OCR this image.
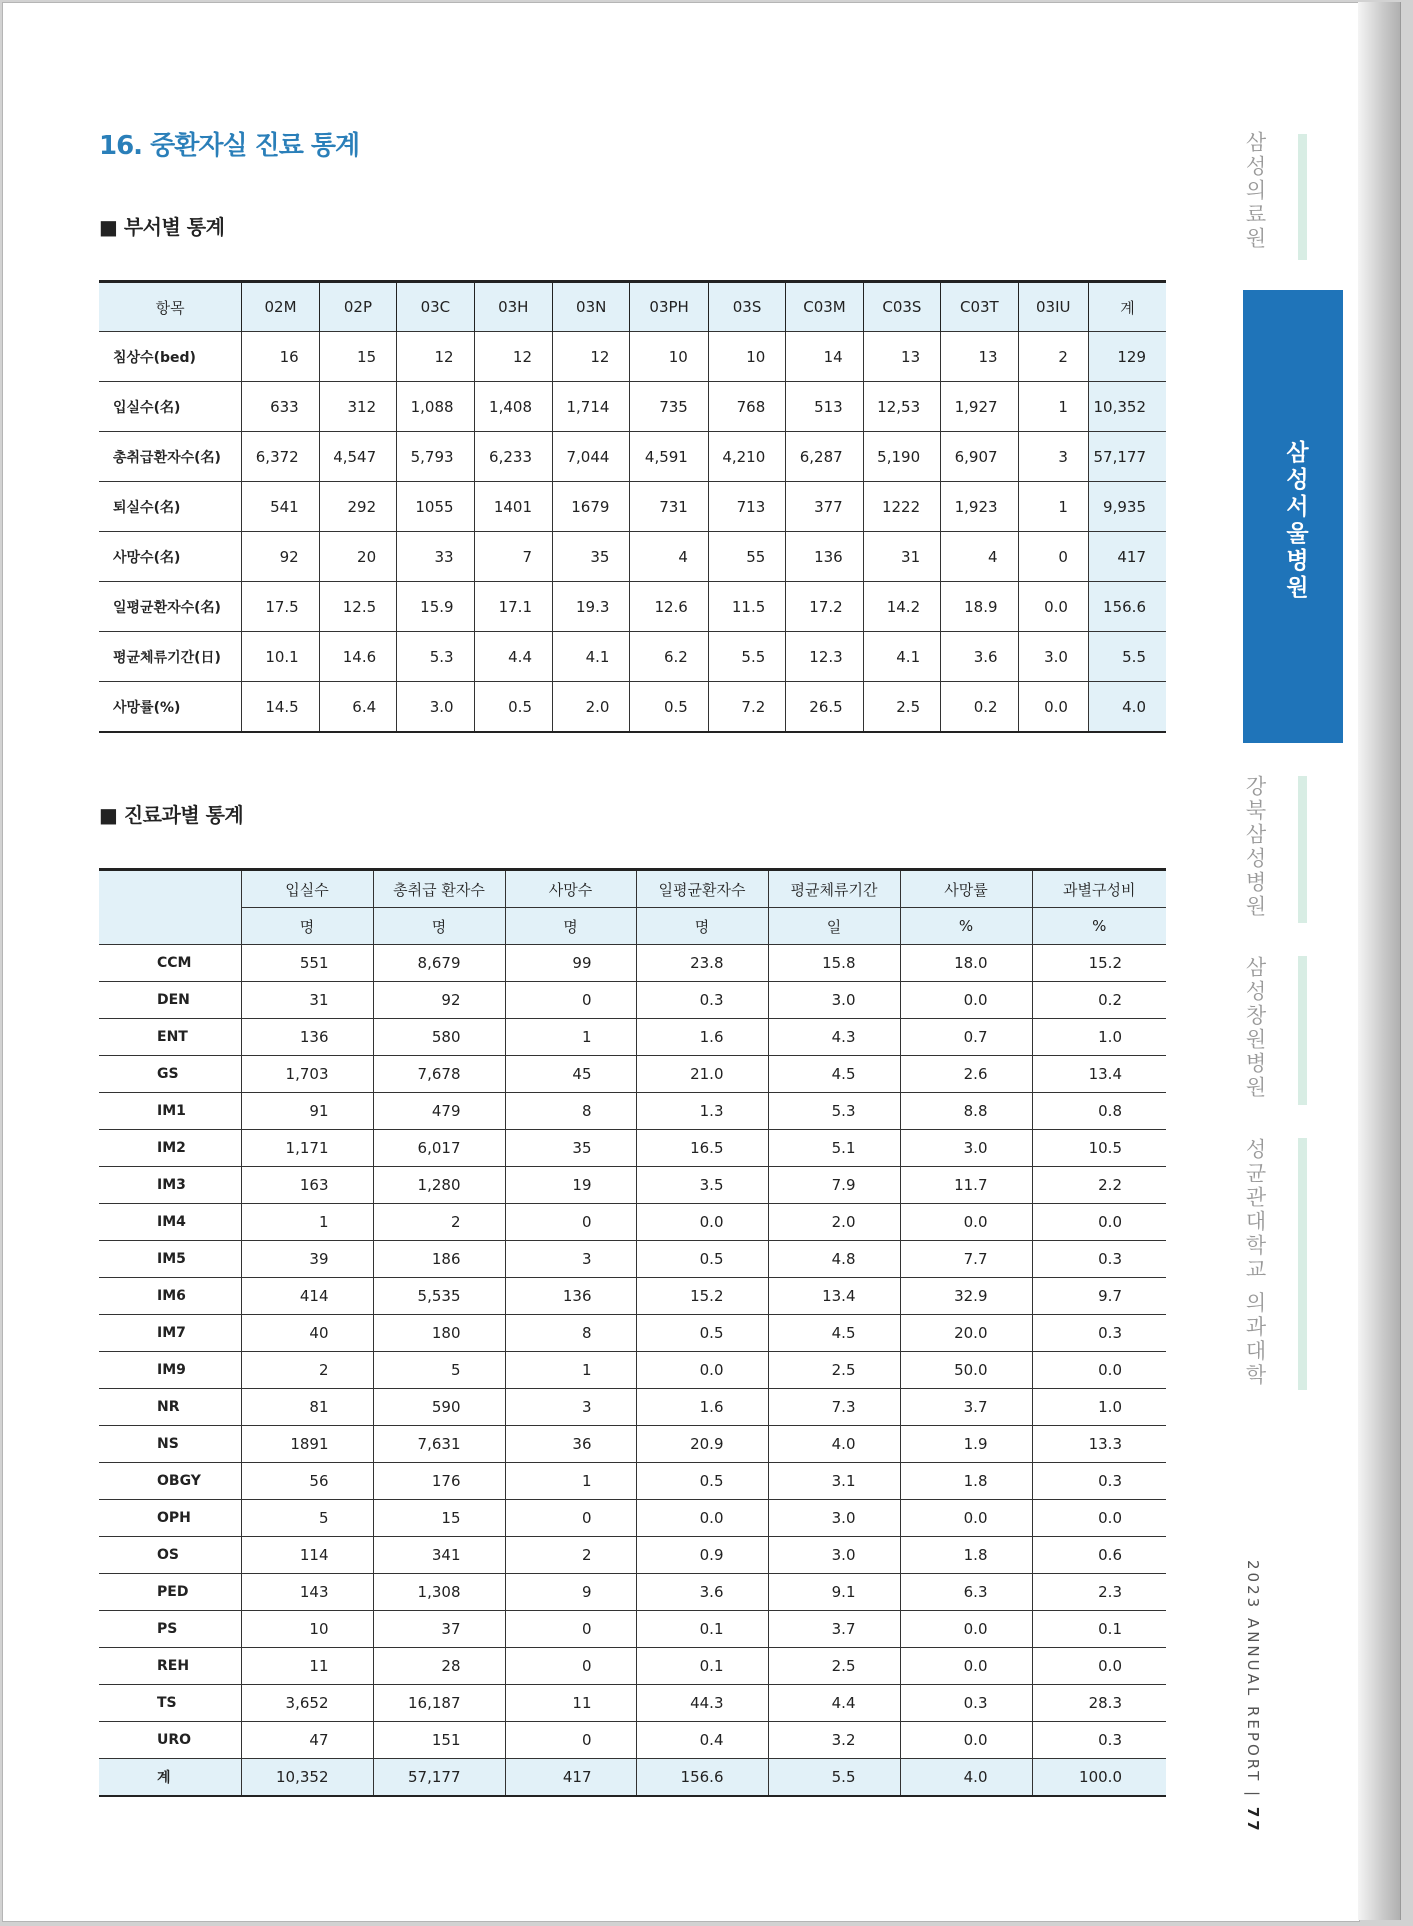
16. 중환자실 진료 통계
■ 부서별 통계
항목	02M	02P	03C	03H	03N	03PH	03S	C03M	C03S	C03T	03IU	계
침상수(bed)	16	15	12	12	12	10	10	14	13	13	2	129
입실수(名)	633	312	1,088	1,408	1,714	735	768	513	12,53	1,927	1	10,352
총취급환자수(名)	6,372	4,547	5,793	6,233	7,044	4,591	4,210	6,287	5,190	6,907	3	57,177
퇴실수(名)	541	292	1055	1401	1679	731	713	377	1222	1,923	1	9,935
사망수(名)	92	20	33	7	35	4	55	136	31	4	0	417
일평균환자수(名)	17.5	12.5	15.9	17.1	19.3	12.6	11.5	17.2	14.2	18.9	0.0	156.6
평균체류기간(日)	10.1	14.6	5.3	4.4	4.1	6.2	5.5	12.3	4.1	3.6	3.0	5.5
사망률(%)	14.5	6.4	3.0	0.5	2.0	0.5	7.2	26.5	2.5	0.2	0.0	4.0
■ 진료과별 통계
	입실수	총취급 환자수	사망수	일평균환자수	평균체류기간	사망률	과별구성비
	명	명	명	명	일	%	%
CCM	551	8,679	99	23.8	15.8	18.0	15.2
DEN	31	92	0	0.3	3.0	0.0	0.2
ENT	136	580	1	1.6	4.3	0.7	1.0
GS	1,703	7,678	45	21.0	4.5	2.6	13.4
IM1	91	479	8	1.3	5.3	8.8	0.8
IM2	1,171	6,017	35	16.5	5.1	3.0	10.5
IM3	163	1,280	19	3.5	7.9	11.7	2.2
IM4	1	2	0	0.0	2.0	0.0	0.0
IM5	39	186	3	0.5	4.8	7.7	0.3
IM6	414	5,535	136	15.2	13.4	32.9	9.7
IM7	40	180	8	0.5	4.5	20.0	0.3
IM9	2	5	1	0.0	2.5	50.0	0.0
NR	81	590	3	1.6	7.3	3.7	1.0
NS	1891	7,631	36	20.9	4.0	1.9	13.3
OBGY	56	176	1	0.5	3.1	1.8	0.3
OPH	5	15	0	0.0	3.0	0.0	0.0
OS	114	341	2	0.9	3.0	1.8	0.6
PED	143	1,308	9	3.6	9.1	6.3	2.3
PS	10	37	0	0.1	3.7	0.0	0.1
REH	11	28	0	0.1	2.5	0.0	0.0
TS	3,652	16,187	11	44.3	4.4	0.3	28.3
URO	47	151	0	0.4	3.2	0.0	0.3
계	10,352	57,177	417	156.6	5.5	4.0	100.0
삼성의료원
삼성서울병원
강북삼성병원
삼성창원병원
성균관대학교 의과대학
2023 ANNUAL REPORT | 77
